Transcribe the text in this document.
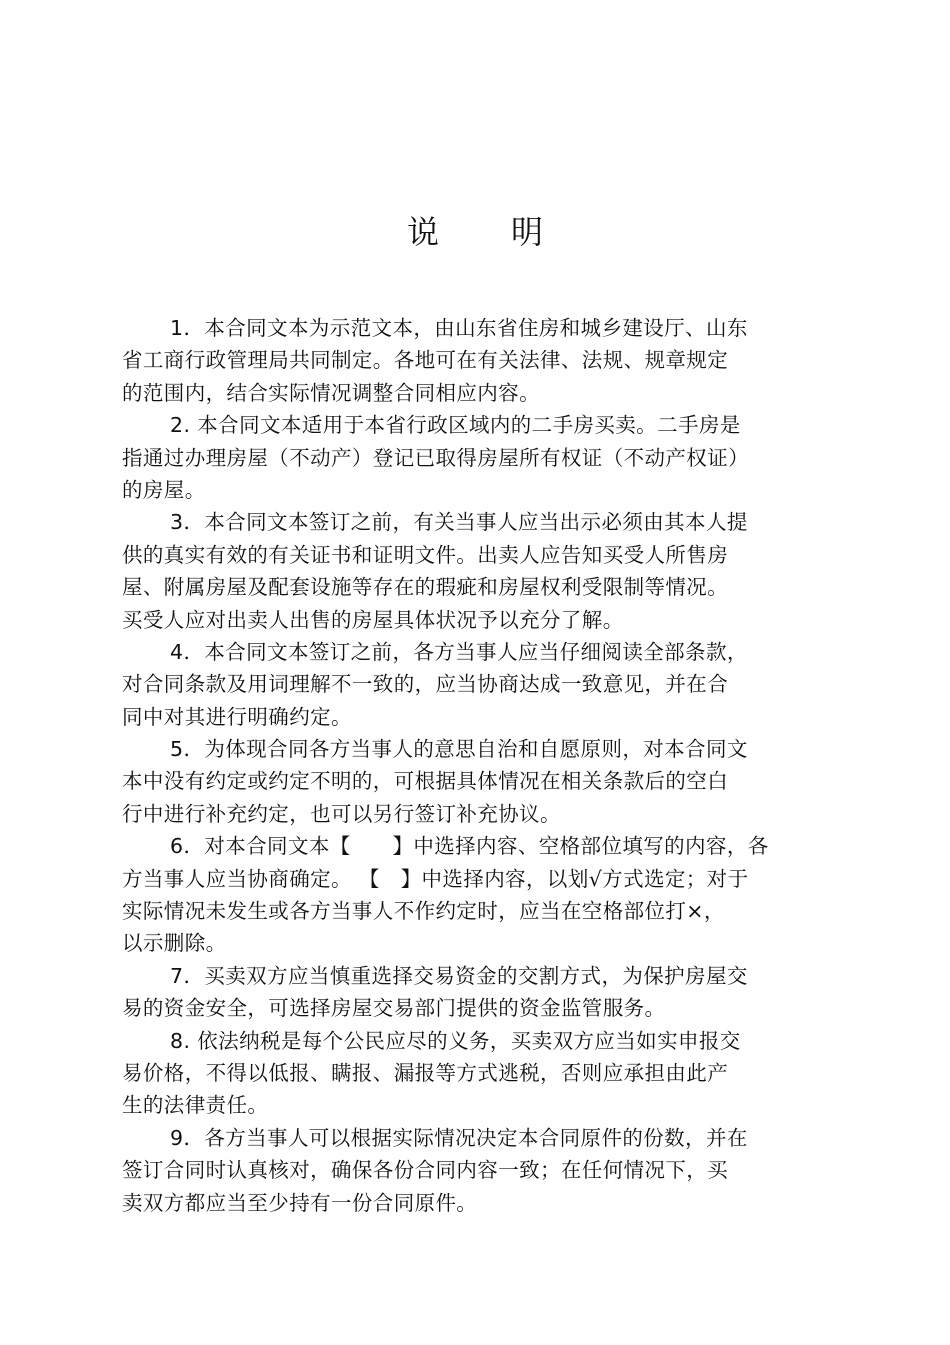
说 明
1．本合同文本为示范文本，由山东省住房和城乡建设厅、山东
省工商行政管理局共同制定。各地可在有关法律、法规、规章规定
的范围内，结合实际情况调整合同相应内容。
2. 本合同文本适用于本省行政区域内的二手房买卖。二手房是
指通过办理房屋（不动产）登记已取得房屋所有权证（不动产权证）
的房屋。
3．本合同文本签订之前，有关当事人应当出示必须由其本人提
供的真实有效的有关证书和证明文件。出卖人应告知买受人所售房
屋、附属房屋及配套设施等存在的瑕疵和房屋权利受限制等情况。
买受人应对出卖人出售的房屋具体状况予以充分了解。
4．本合同文本签订之前，各方当事人应当仔细阅读全部条款，
对合同条款及用词理解不一致的，应当协商达成一致意见，并在合
同中对其进行明确约定。
5．为体现合同各方当事人的意思自治和自愿原则，对本合同文
本中没有约定或约定不明的，可根据具体情况在相关条款后的空白
行中进行补充约定，也可以另行签订补充协议。
6．对本合同文本【　　】中选择内容、空格部位填写的内容，各
方当事人应当协商确定。 【　】中选择内容，以划√方式选定；对于
实际情况未发生或各方当事人不作约定时，应当在空格部位打×，
以示删除。
7．买卖双方应当慎重选择交易资金的交割方式，为保护房屋交
易的资金安全，可选择房屋交易部门提供的资金监管服务。
8. 依法纳税是每个公民应尽的义务，买卖双方应当如实申报交
易价格，不得以低报、瞒报、漏报等方式逃税，否则应承担由此产
生的法律责任。
9．各方当事人可以根据实际情况决定本合同原件的份数，并在
签订合同时认真核对，确保各份合同内容一致；在任何情况下，买
卖双方都应当至少持有一份合同原件。
